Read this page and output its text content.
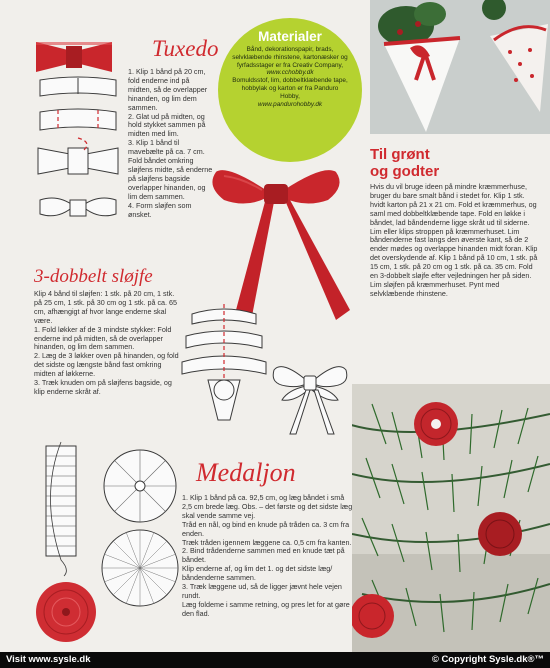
Tuxedo
1. Klip 1 bånd på 20 cm, fold enderne ind på midten, så de overlapper hinanden, og lim dem sammen.
2. Glat ud på midten, og hold stykket sammen på midten med lim.
3. Klip 1 bånd til mavebælte på ca. 7 cm. Fold båndet omkring sløjfens midte, så enderne på sløjfens bagside overlapper hinanden, og lim dem sammen.
4. Form sløjfen som ønsket.
Materialer
Bånd, dekorationspapir, brads, selvklæbende rhinstene, kartonæsker og fyrfadsstager er fra Creativ Company,
www.cchobby.dk
Bomuldsstof, lim, dobbeltklæbende tape, hobbylak og karton er fra Panduro Hobby,
www.pandurohobby.dk
3-dobbelt sløjfe
Klip 4 bånd til sløjfen: 1 stk. på 20 cm, 1 stk. på 25 cm, 1 stk. på 30 cm og 1 stk. på ca. 65 cm, afhængigt af hvor lange enderne skal være.
1. Fold løkker af de 3 mindste stykker: Fold enderne ind på midten, så de overlapper hinanden, og lim dem sammen.
2. Læg de 3 løkker oven på hinanden, og fold det sidste og længste bånd fast omkring midten af løkkerne.
3. Træk knuden om på sløjfens bagside, og klip enderne skråt af.
Medaljon
1. Klip 1 bånd på ca. 92,5 cm, og læg båndet i små 2,5 cm brede læg. Obs. – det første og det sidste læg skal vende samme vej.
Tråd en nål, og bind en knude på tråden ca. 3 cm fra enden.
Træk tråden igennem læggene ca. 0,5 cm fra kanten.
2. Bind trådenderne sammen med en knude tæt på båndet.
Klip enderne af, og lim det 1. og det sidste læg/ båndenderne sammen.
3. Træk læggene ud, så de ligger jævnt hele vejen rundt.
Læg foldeme i samme retning, og pres let for at gøre den flad.
Til grønt
og godter
Hvis du vil bruge ideen på mindre kræmmerhuse, bruger du bare smalt bånd i stedet for. Klip 1 stk. hvidt karton på 21 x 21 cm. Fold et kræmmerhus, og saml med dobbeltklæbende tape. Fold en løkke i båndet, lad båndenderne ligge skråt ud til siderne. Lim eller klips stroppen på kræmmerhuset. Lim båndenderne fast langs den øverste kant, så de 2 ender mødes og overlappe hinanden midt foran. Klip det overskydende af. Klip 1 bånd på 10 cm, 1 stk. på 15 cm, 1 stk. på 20 cm og 1 stk. på ca. 35 cm. Fold en 3-dobbelt sløjfe efter vejledningen her på siden. Lim sløjfen på kræmmerhuset. Pynt med selvklæbende rhinstene.
Visit www.sysle.dk	© Copyright Sysle.dk®™
